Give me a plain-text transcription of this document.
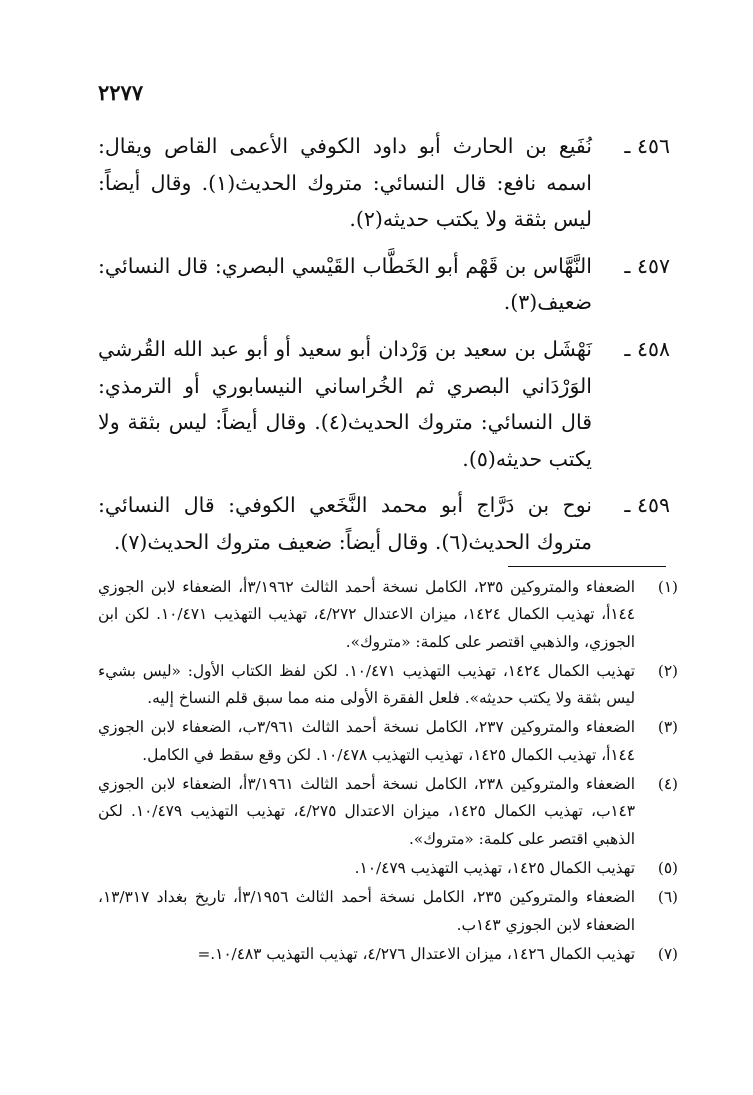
٢٢٧٧
٤٥٦ ـ
نُفَيع بن الحارث أبو داود الكوفي الأعمى القاص ويقال: اسمه نافع: قال النسائي: متروك الحديث(١). وقال أيضاً: ليس بثقة ولا يكتب حديثه(٢).
٤٥٧ ـ
النَّهَّاس بن قَهْم أبو الخَطَّاب القَيْسي البصري: قال النسائي: ضعيف(٣).
٤٥٨ ـ
نَهْشَل بن سعيد بن وَرْدان أبو سعيد أو أبو عبد الله القُرشي الوَرْدَاني البصري ثم الخُراساني النيسابوري أو الترمذي: قال النسائي: متروك الحديث(٤). وقال أيضاً: ليس بثقة ولا يكتب حديثه(٥).
٤٥٩ ـ
نوح بن دَرَّاج أبو محمد النَّخَعي الكوفي: قال النسائي: متروك الحديث(٦). وقال أيضاً: ضعيف متروك الحديث(٧).
(١)
الضعفاء والمتروكين ٢٣٥، الكامل نسخة أحمد الثالث ٣/١٩٦٢أ، الضعفاء لابن الجوزي ١٤٤أ، تهذيب الكمال ١٤٢٤، ميزان الاعتدال ٤/٢٧٢، تهذيب التهذيب ١٠/٤٧١. لكن ابن الجوزي، والذهبي اقتصر على كلمة: «متروك».
(٢)
تهذيب الكمال ١٤٢٤، تهذيب التهذيب ١٠/٤٧١. لكن لفظ الكتاب الأول: «ليس بشيء ليس بثقة ولا يكتب حديثه». فلعل الفقرة الأولى منه مما سبق قلم النساخ إليه.
(٣)
الضعفاء والمتروكين ٢٣٧، الكامل نسخة أحمد الثالث ٣/٩٦١ب، الضعفاء لابن الجوزي ١٤٤أ، تهذيب الكمال ١٤٢٥، تهذيب التهذيب ١٠/٤٧٨. لكن وقع سقط في الكامل.
(٤)
الضعفاء والمتروكين ٢٣٨، الكامل نسخة أحمد الثالث ٣/١٩٦١أ، الضعفاء لابن الجوزي ١٤٣ب، تهذيب الكمال ١٤٢٥، ميزان الاعتدال ٤/٢٧٥، تهذيب التهذيب ١٠/٤٧٩. لكن الذهبي اقتصر على كلمة: «متروك».
(٥)
تهذيب الكمال ١٤٢٥، تهذيب التهذيب ١٠/٤٧٩.
(٦)
الضعفاء والمتروكين ٢٣٥، الكامل نسخة أحمد الثالث ٣/١٩٥٦أ، تاريخ بغداد ١٣/٣١٧، الضعفاء لابن الجوزي ١٤٣ب.
(٧)
تهذيب الكمال ١٤٢٦، ميزان الاعتدال ٤/٢٧٦، تهذيب التهذيب ١٠/٤٨٣.=
